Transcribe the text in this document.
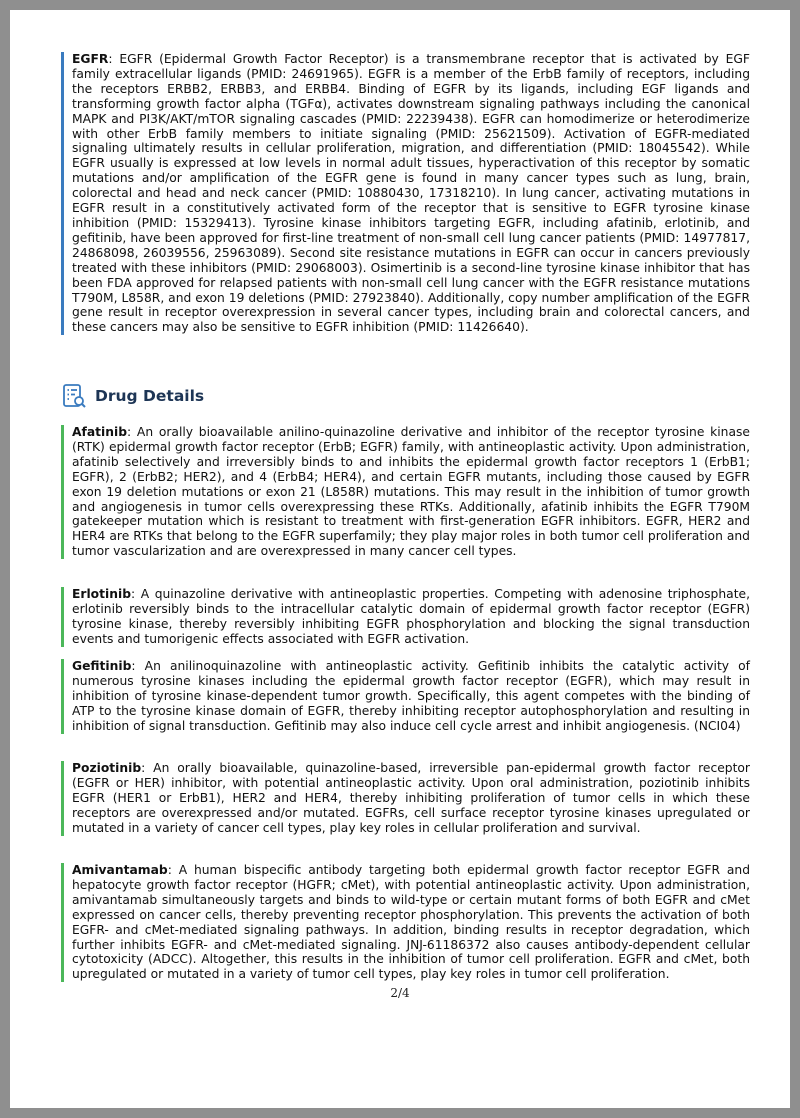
EGFR: EGFR (Epidermal Growth Factor Receptor) is a transmembrane receptor that is activated by EGF family extracellular ligands (PMID: 24691965). EGFR is a member of the ErbB family of receptors, including the receptors ERBB2, ERBB3, and ERBB4. Binding of EGFR by its ligands, including EGF ligands and transforming growth factor alpha (TGFα), activates downstream signaling pathways including the canonical MAPK and PI3K/AKT/mTOR signaling cascades (PMID: 22239438). EGFR can homodimerize or heterodimerize with other ErbB family members to initiate signaling (PMID: 25621509). Activation of EGFR-mediated signaling ultimately results in cellular proliferation, migration, and differentiation (PMID: 18045542). While EGFR usually is expressed at low levels in normal adult tissues, hyperactivation of this receptor by somatic mutations and/or amplification of the EGFR gene is found in many cancer types such as lung, brain, colorectal and head and neck cancer (PMID: 10880430, 17318210). In lung cancer, activating mutations in EGFR result in a constitutively activated form of the receptor that is sensitive to EGFR tyrosine kinase inhibition (PMID: 15329413). Tyrosine kinase inhibitors targeting EGFR, including afatinib, erlotinib, and gefitinib, have been approved for first-line treatment of non-small cell lung cancer patients (PMID: 14977817, 24868098, 26039556, 25963089). Second site resistance mutations in EGFR can occur in cancers previously treated with these inhibitors (PMID: 29068003). Osimertinib is a second-line tyrosine kinase inhibitor that has been FDA approved for relapsed patients with non-small cell lung cancer with the EGFR resistance mutations T790M, L858R, and exon 19 deletions (PMID: 27923840). Additionally, copy number amplification of the EGFR gene result in receptor overexpression in several cancer types, including brain and colorectal cancers, and these cancers may also be sensitive to EGFR inhibition (PMID: 11426640).

Drug Details

Afatinib: An orally bioavailable anilino-quinazoline derivative and inhibitor of the receptor tyrosine kinase (RTK) epidermal growth factor receptor (ErbB; EGFR) family, with antineoplastic activity. Upon administration, afatinib selectively and irreversibly binds to and inhibits the epidermal growth factor receptors 1 (ErbB1; EGFR), 2 (ErbB2; HER2), and 4 (ErbB4; HER4), and certain EGFR mutants, including those caused by EGFR exon 19 deletion mutations or exon 21 (L858R) mutations. This may result in the inhibition of tumor growth and angiogenesis in tumor cells overexpressing these RTKs. Additionally, afatinib inhibits the EGFR T790M gatekeeper mutation which is resistant to treatment with first-generation EGFR inhibitors. EGFR, HER2 and HER4 are RTKs that belong to the EGFR superfamily; they play major roles in both tumor cell proliferation and tumor vascularization and are overexpressed in many cancer cell types.

Erlotinib: A quinazoline derivative with antineoplastic properties. Competing with adenosine triphosphate, erlotinib reversibly binds to the intracellular catalytic domain of epidermal growth factor receptor (EGFR) tyrosine kinase, thereby reversibly inhibiting EGFR phosphorylation and blocking the signal transduction events and tumorigenic effects associated with EGFR activation.

Gefitinib: An anilinoquinazoline with antineoplastic activity. Gefitinib inhibits the catalytic activity of numerous tyrosine kinases including the epidermal growth factor receptor (EGFR), which may result in inhibition of tyrosine kinase-dependent tumor growth. Specifically, this agent competes with the binding of ATP to the tyrosine kinase domain of EGFR, thereby inhibiting receptor autophosphorylation and resulting in inhibition of signal transduction. Gefitinib may also induce cell cycle arrest and inhibit angiogenesis. (NCI04)

Poziotinib: An orally bioavailable, quinazoline-based, irreversible pan-epidermal growth factor receptor (EGFR or HER) inhibitor, with potential antineoplastic activity. Upon oral administration, poziotinib inhibits EGFR (HER1 or ErbB1), HER2 and HER4, thereby inhibiting proliferation of tumor cells in which these receptors are overexpressed and/or mutated. EGFRs, cell surface receptor tyrosine kinases upregulated or mutated in a variety of cancer cell types, play key roles in cellular proliferation and survival.

Amivantamab: A human bispecific antibody targeting both epidermal growth factor receptor EGFR and hepatocyte growth factor receptor (HGFR; cMet), with potential antineoplastic activity. Upon administration, amivantamab simultaneously targets and binds to wild-type or certain mutant forms of both EGFR and cMet expressed on cancer cells, thereby preventing receptor phosphorylation. This prevents the activation of both EGFR- and cMet-mediated signaling pathways. In addition, binding results in receptor degradation, which further inhibits EGFR- and cMet-mediated signaling. JNJ-61186372 also causes antibody-dependent cellular cytotoxicity (ADCC). Altogether, this results in the inhibition of tumor cell proliferation. EGFR and cMet, both upregulated or mutated in a variety of tumor cell types, play key roles in tumor cell proliferation.

2/4
